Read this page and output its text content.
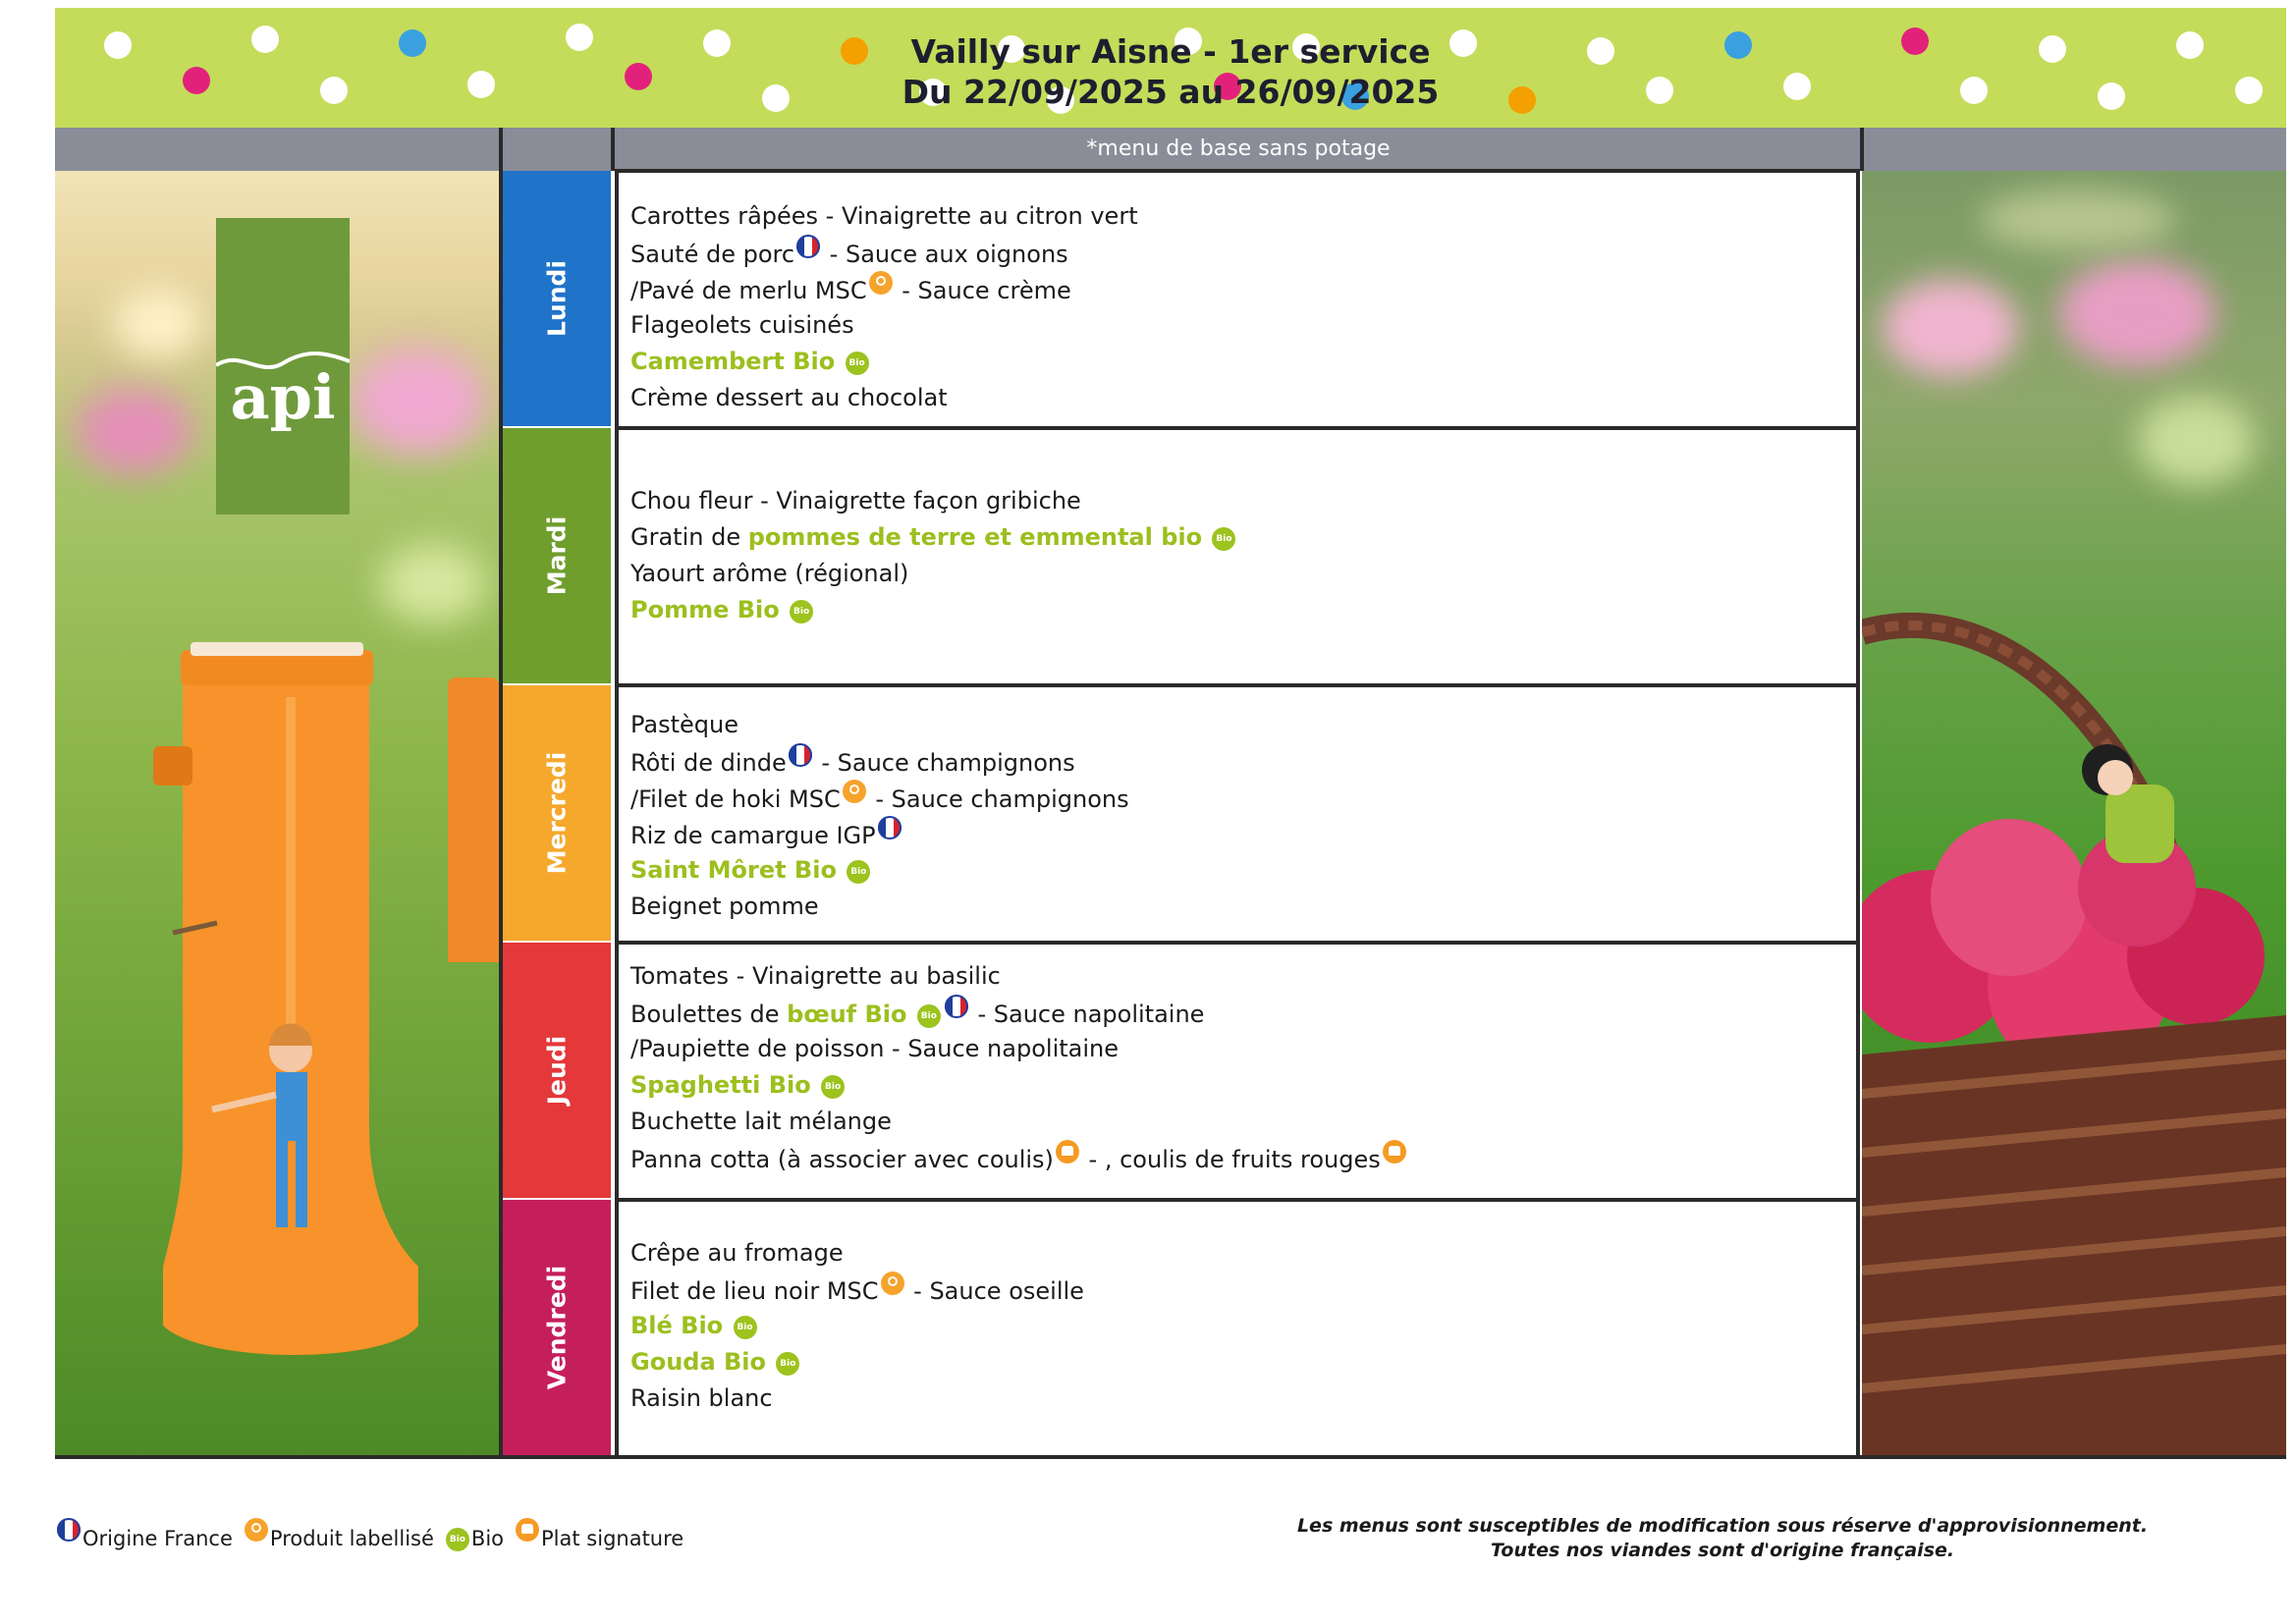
Vailly sur Aisne - 1er service
Du 22/09/2025 au 26/09/2025
*menu de base sans potage
api
Lundi
Mardi
Mercredi
Jeudi
Vendredi
Carottes râpées - Vinaigrette au citron vert
Sauté de porc - Sauce aux oignons
/Pavé de merlu MSC - Sauce crème
Flageolets cuisinés
Camembert Bio Bio
Crème dessert au chocolat
Chou fleur - Vinaigrette façon gribiche
Gratin de pommes de terre et emmental bio Bio
Yaourt arôme (régional)
Pomme Bio Bio
Pastèque
Rôti de dinde - Sauce champignons
/Filet de hoki MSC - Sauce champignons
Riz de camargue IGP
Saint Môret Bio Bio
Beignet pomme
Tomates - Vinaigrette au basilic
Boulettes de bœuf Bio Bio - Sauce napolitaine
/Paupiette de poisson - Sauce napolitaine
Spaghetti Bio Bio
Buchette lait mélange
Panna cotta (à associer avec coulis) - , coulis de fruits rouges
Crêpe au fromage
Filet de lieu noir MSC - Sauce oseille
Blé Bio Bio
Gouda Bio Bio
Raisin blanc
Origine France Produit labellisé Bio Bio Plat signature
Les menus sont susceptibles de modification sous réserve d'approvisionnement.
Toutes nos viandes sont d'origine française.
